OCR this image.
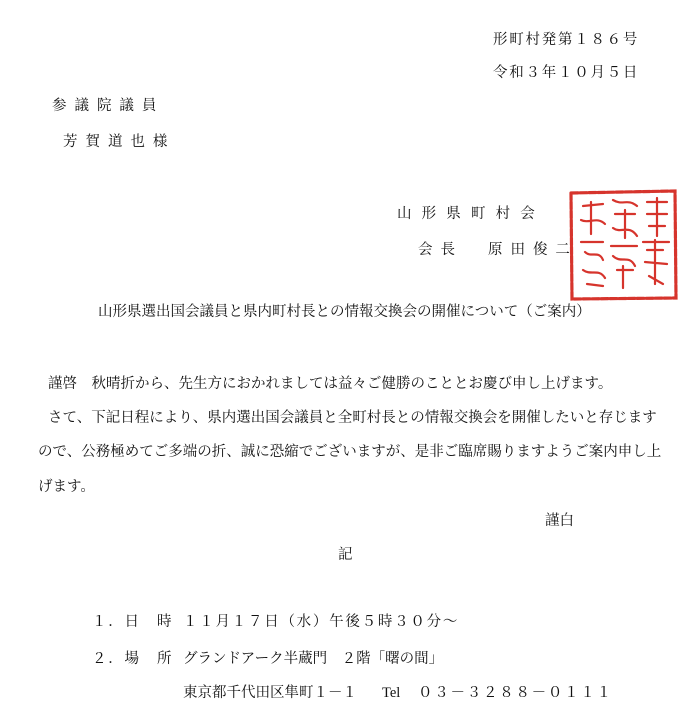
形町村発第１８６号
令和３年１０月５日
参議院議員
芳賀道也様
山形県町村会
会長 原田俊二
山形県選出国会議員と県内町村長との情報交換会の開催について（ご案内）
謹啓　秋晴折から、先生方におかれましては益々ご健勝のこととお慶び申し上げます。
さて、下記日程により、県内選出国会議員と全町村長との情報交換会を開催したいと存じます
ので、公務極めてご多端の折、誠に恐縮でございますが、是非ご臨席賜りますようご案内申し上
げます。
謹白
記
１．日　時 １１月１７日（水）午後５時３０分～
２．場　所 グランドアーク半蔵門　２階「曙の間」
東京都千代田区隼町１－１ Tel ０３－３２８８－０１１１
